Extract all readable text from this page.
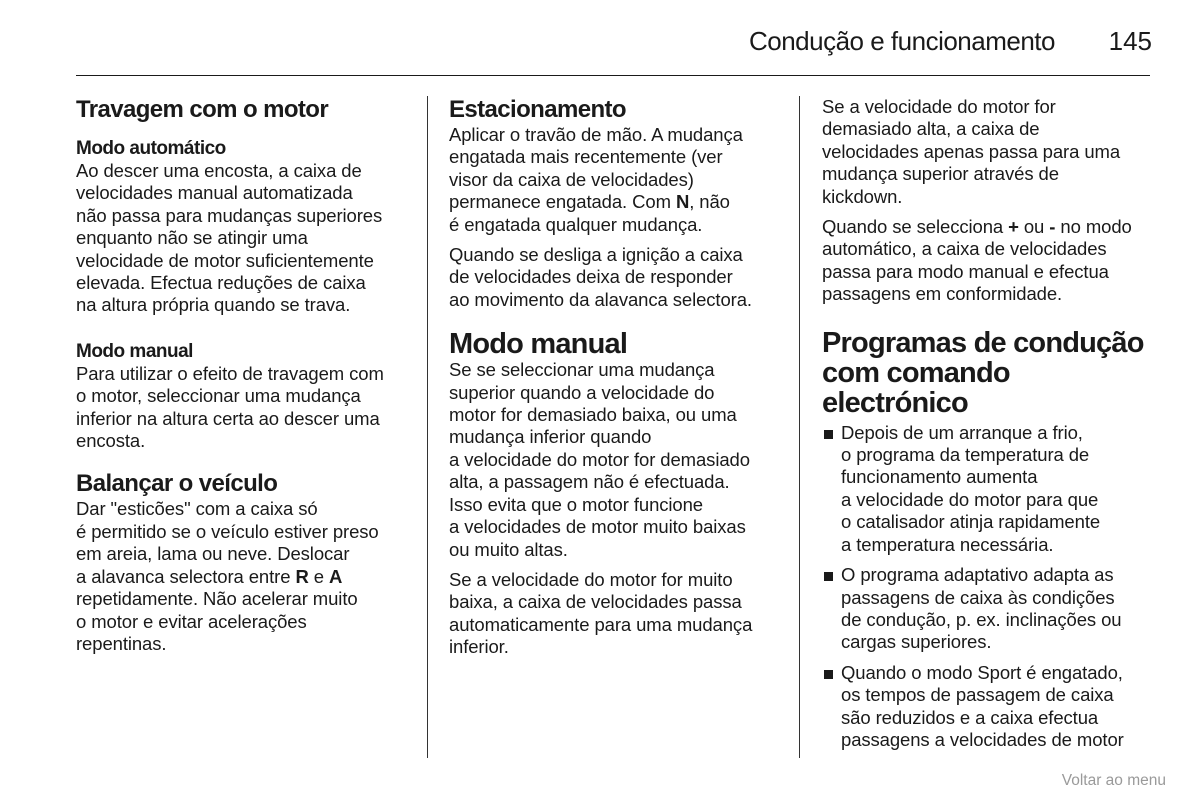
Condução e funcionamento	145
Travagem com o motor
Modo automático

Ao descer uma encosta, a caixa de
velocidades manual automatizada
não passa para mudanças superiores
enquanto não se atingir uma
velocidade de motor suficientemente
elevada. Efectua reduções de caixa
na altura própria quando se trava.

Modo manual

Para utilizar o efeito de travagem com
o motor, seleccionar uma mudança
inferior na altura certa ao descer uma
encosta.

Balançar o veículo

Dar "esticões" com a caixa só
é permitido se o veículo estiver preso
em areia, lama ou neve. Deslocar
a alavanca selectora entre R e A
repetidamente. Não acelerar muito
o motor e evitar acelerações
repentinas.

Estacionamento

Aplicar o travão de mão. A mudança
engatada mais recentemente (ver
visor da caixa de velocidades)
permanece engatada. Com N, não
é engatada qualquer mudança.

Quando se desliga a ignição a caixa
de velocidades deixa de responder
ao movimento da alavanca selectora.

Modo manual

Se se seleccionar uma mudança
superior quando a velocidade do
motor for demasiado baixa, ou uma
mudança inferior quando
a velocidade do motor for demasiado
alta, a passagem não é efectuada.
Isso evita que o motor funcione
a velocidades de motor muito baixas
ou muito altas.

Se a velocidade do motor for muito
baixa, a caixa de velocidades passa
automaticamente para uma mudança
inferior.

Se a velocidade do motor for
demasiado alta, a caixa de
velocidades apenas passa para uma
mudança superior através de
kickdown.

Quando se selecciona + ou - no modo
automático, a caixa de velocidades
passa para modo manual e efectua
passagens em conformidade.

Programas de condução
com comando electrónico
Depois de um arranque a frio,
o programa da temperatura de
funcionamento aumenta
a velocidade do motor para que
o catalisador atinja rapidamente
a temperatura necessária.
O programa adaptativo adapta as
passagens de caixa às condições
de condução, p. ex. inclinações ou
cargas superiores.
Quando o modo Sport é engatado,
os tempos de passagem de caixa
são reduzidos e a caixa efectua
passagens a velocidades de motor
Voltar ao menu
